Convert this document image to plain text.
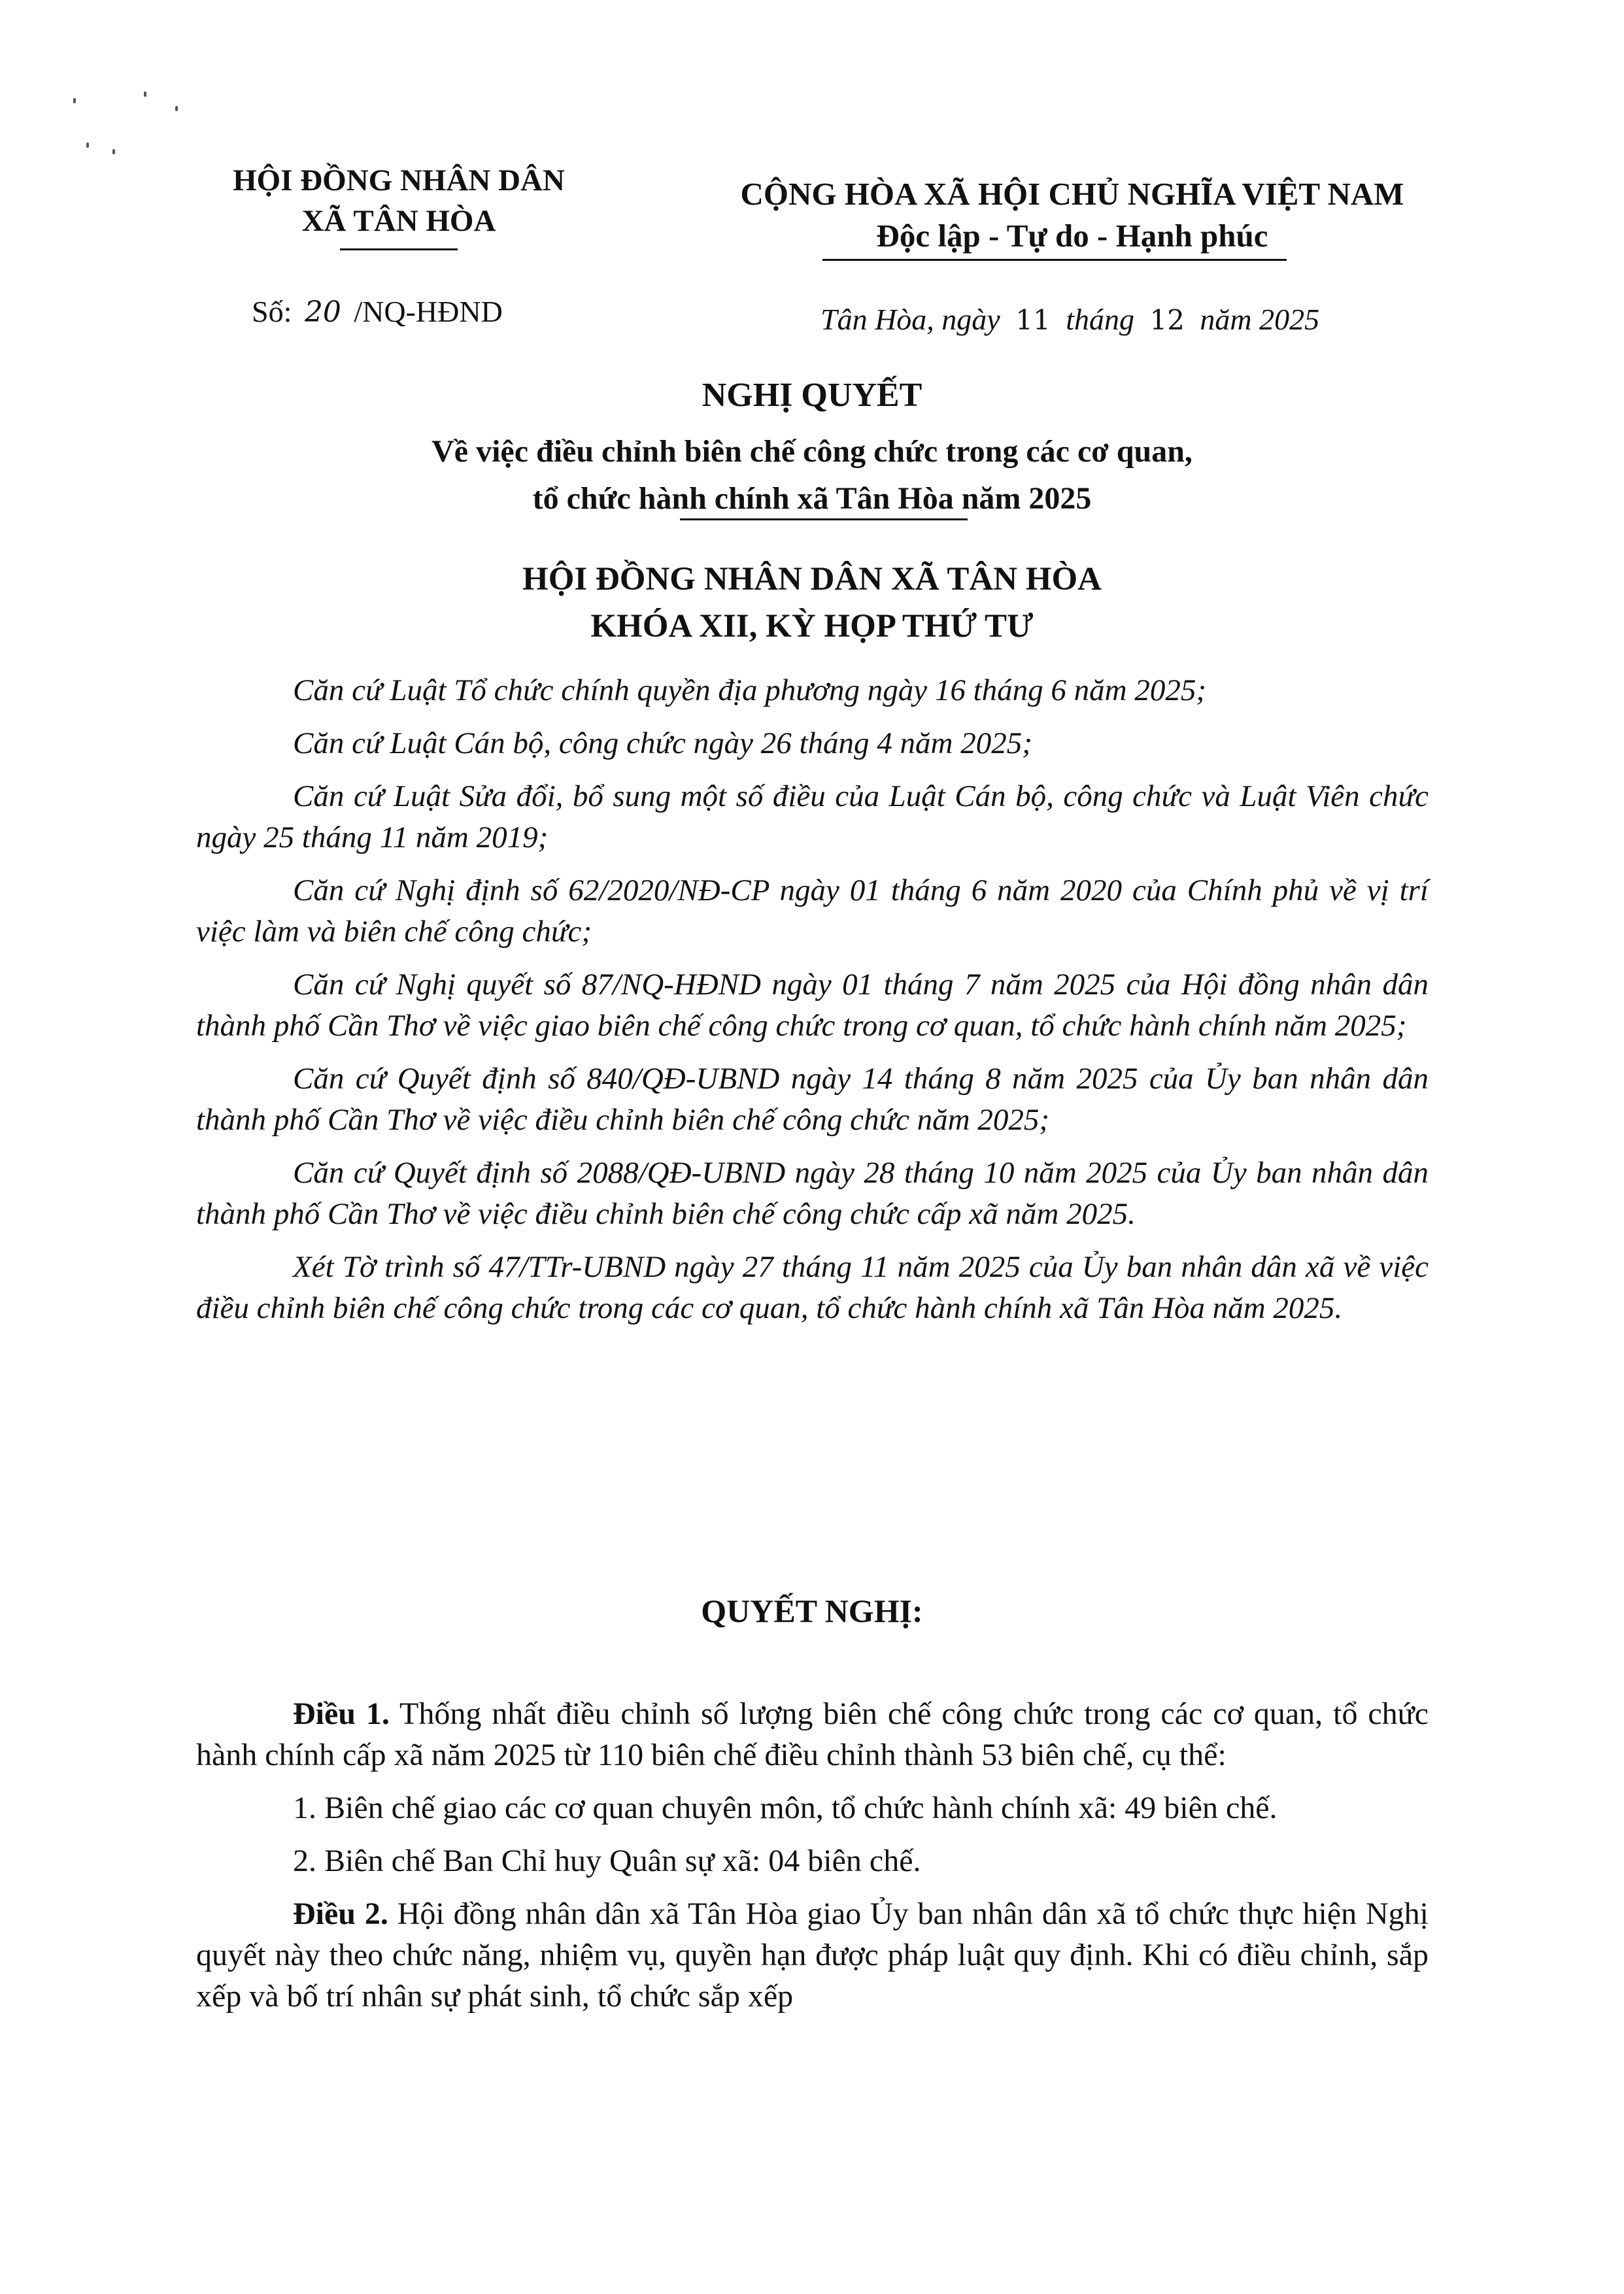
HỘI ĐỒNG NHÂN DÂN
XÃ TÂN HÒA
CỘNG HÒA XÃ HỘI CHỦ NGHĨA VIỆT NAM
Độc lập - Tự do - Hạnh phúc
Số: 20 /NQ-HĐND	Tân Hòa, ngày 11 tháng 12 năm 2025
NGHỊ QUYẾT
Về việc điều chỉnh biên chế công chức trong các cơ quan,
tổ chức hành chính xã Tân Hòa năm 2025
HỘI ĐỒNG NHÂN DÂN XÃ TÂN HÒA
KHÓA XII, KỲ HỌP THỨ TƯ

Căn cứ Luật Tổ chức chính quyền địa phương ngày 16 tháng 6 năm 2025;

Căn cứ Luật Cán bộ, công chức ngày 26 tháng 4 năm 2025;

Căn cứ Luật Sửa đổi, bổ sung một số điều của Luật Cán bộ, công chức và Luật Viên chức ngày 25 tháng 11 năm 2019;

Căn cứ Nghị định số 62/2020/NĐ-CP ngày 01 tháng 6 năm 2020 của Chính phủ về vị trí việc làm và biên chế công chức;

Căn cứ Nghị quyết số 87/NQ-HĐND ngày 01 tháng 7 năm 2025 của Hội đồng nhân dân thành phố Cần Thơ về việc giao biên chế công chức trong cơ quan, tổ chức hành chính năm 2025;

Căn cứ Quyết định số 840/QĐ-UBND ngày 14 tháng 8 năm 2025 của Ủy ban nhân dân thành phố Cần Thơ về việc điều chỉnh biên chế công chức năm 2025;

Căn cứ Quyết định số 2088/QĐ-UBND ngày 28 tháng 10 năm 2025 của Ủy ban nhân dân thành phố Cần Thơ về việc điều chỉnh biên chế công chức cấp xã năm 2025.

Xét Tờ trình số 47/TTr-UBND ngày 27 tháng 11 năm 2025 của Ủy ban nhân dân xã về việc điều chỉnh biên chế công chức trong các cơ quan, tổ chức hành chính xã Tân Hòa năm 2025.

QUYẾT NGHỊ:

Điều 1. Thống nhất điều chỉnh số lượng biên chế công chức trong các cơ quan, tổ chức hành chính cấp xã năm 2025 từ 110 biên chế điều chỉnh thành 53 biên chế, cụ thể:

1. Biên chế giao các cơ quan chuyên môn, tổ chức hành chính xã: 49 biên chế.

2. Biên chế Ban Chỉ huy Quân sự xã: 04 biên chế.

Điều 2. Hội đồng nhân dân xã Tân Hòa giao Ủy ban nhân dân xã tổ chức thực hiện Nghị quyết này theo chức năng, nhiệm vụ, quyền hạn được pháp luật quy định. Khi có điều chỉnh, sắp xếp và bố trí nhân sự phát sinh, tổ chức sắp xếp
